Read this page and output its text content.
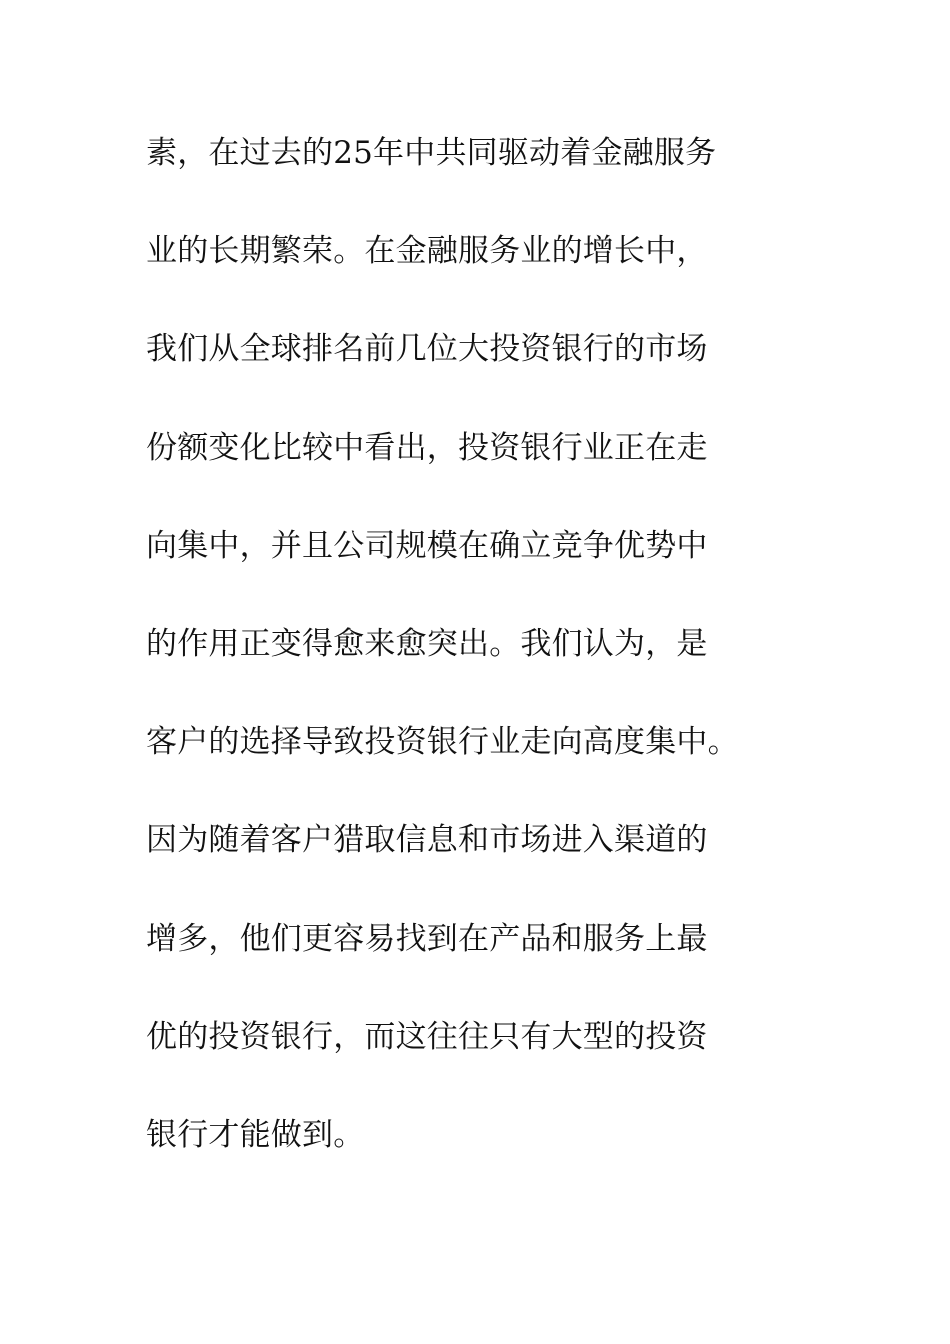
素，在过去的25年中共同驱动着金融服务
业的长期繁荣。在金融服务业的增长中，
我们从全球排名前几位大投资银行的市场
份额变化比较中看出，投资银行业正在走
向集中，并且公司规模在确立竞争优势中
的作用正变得愈来愈突出。我们认为，是
客户的选择导致投资银行业走向高度集中。
因为随着客户猎取信息和市场进入渠道的
增多，他们更容易找到在产品和服务上最
优的投资银行，而这往往只有大型的投资
银行才能做到。
